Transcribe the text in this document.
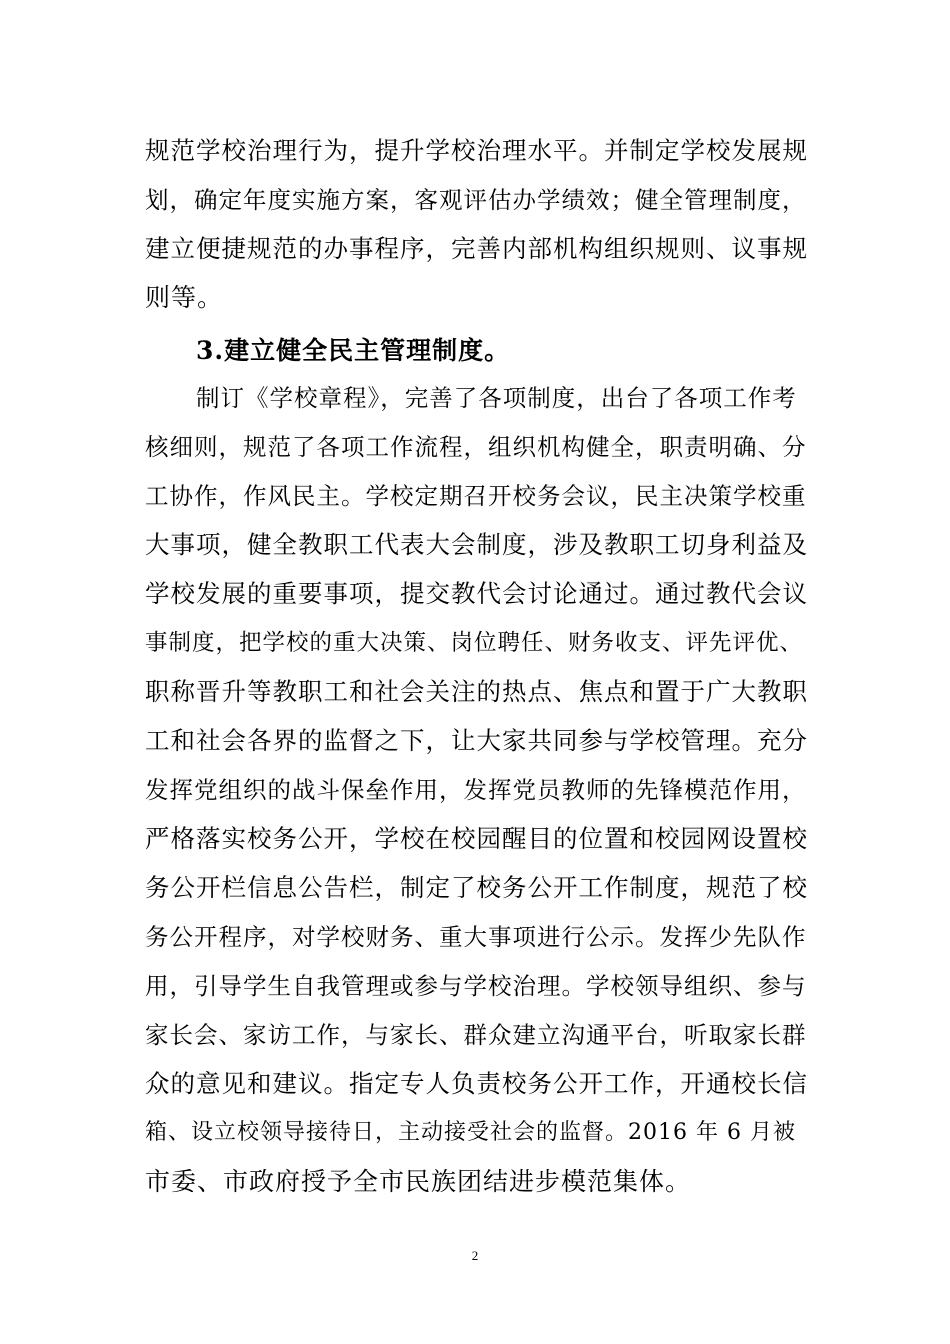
规范学校治理行为，提升学校治理水平。并制定学校发展规
划，确定年度实施方案，客观评估办学绩效；健全管理制度，
建立便捷规范的办事程序，完善内部机构组织规则、议事规
则等。
3.建立健全民主管理制度。
制订《学校章程》，完善了各项制度，出台了各项工作考
核细则，规范了各项工作流程，组织机构健全，职责明确、分
工协作，作风民主。学校定期召开校务会议，民主决策学校重
大事项，健全教职工代表大会制度，涉及教职工切身利益及
学校发展的重要事项，提交教代会讨论通过。通过教代会议
事制度，把学校的重大决策、岗位聘任、财务收支、评先评优、
职称晋升等教职工和社会关注的热点、焦点和置于广大教职
工和社会各界的监督之下，让大家共同参与学校管理。充分
发挥党组织的战斗保垒作用，发挥党员教师的先锋模范作用，
严格落实校务公开，学校在校园醒目的位置和校园网设置校
务公开栏信息公告栏，制定了校务公开工作制度，规范了校
务公开程序，对学校财务、重大事项进行公示。发挥少先队作
用，引导学生自我管理或参与学校治理。学校领导组织、参与
家长会、家访工作，与家长、群众建立沟通平台，听取家长群
众的意见和建议。指定专人负责校务公开工作，开通校长信
箱、设立校领导接待日，主动接受社会的监督。2016 年 6 月被
市委、市政府授予全市民族团结进步模范集体。
2
